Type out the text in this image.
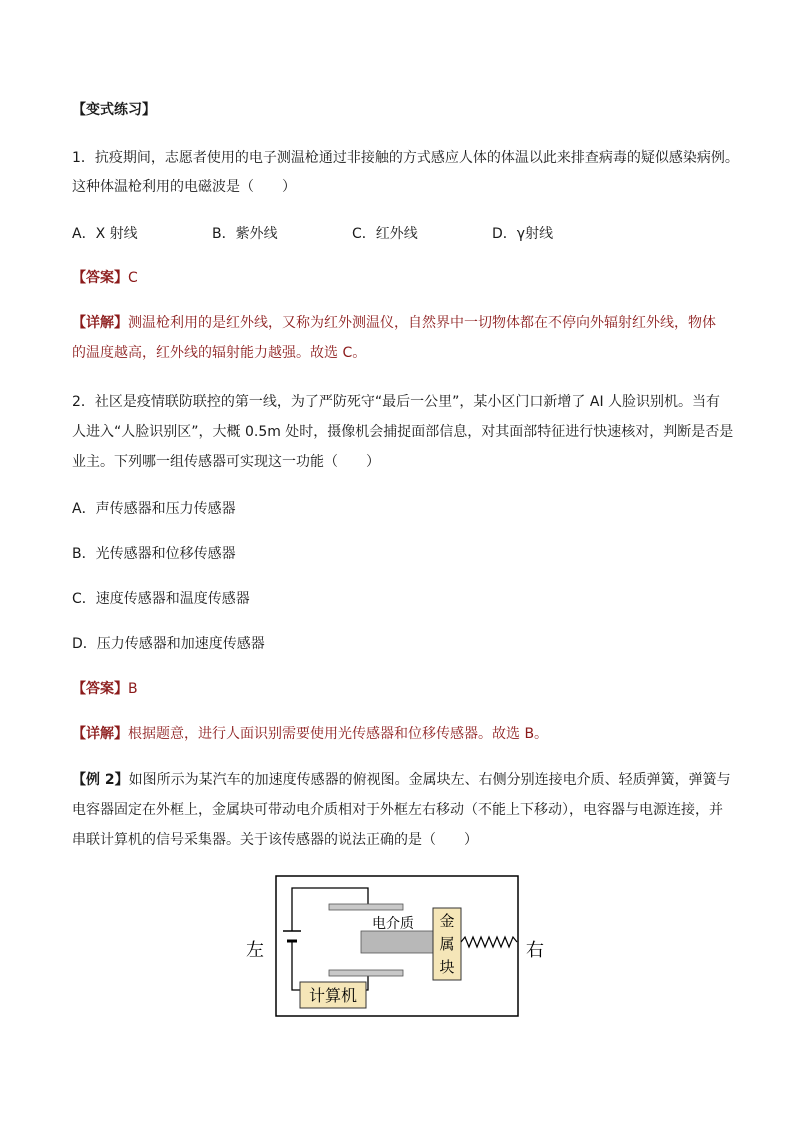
【变式练习】
1．抗疫期间，志愿者使用的电子测温枪通过非接触的方式感应人体的体温以此来排查病毒的疑似感染病例。
这种体温枪利用的电磁波是（　　）
A．X 射线	B．紫外线	C．红外线	D．γ射线
【答案】C
【详解】测温枪利用的是红外线，又称为红外测温仪，自然界中一切物体都在不停向外辐射红外线，物体
的温度越高，红外线的辐射能力越强。故选 C。
2．社区是疫情联防联控的第一线，为了严防死守“最后一公里”，某小区门口新增了 AI 人脸识别机。当有
人进入“人脸识别区”，大概 0.5m 处时，摄像机会捕捉面部信息，对其面部特征进行快速核对，判断是否是
业主。下列哪一组传感器可实现这一功能（　　）
A．声传感器和压力传感器
B．光传感器和位移传感器
C．速度传感器和温度传感器
D．压力传感器和加速度传感器
【答案】B
【详解】根据题意，进行人面识别需要使用光传感器和位移传感器。故选 B。
【例 2】如图所示为某汽车的加速度传感器的俯视图。金属块左、右侧分别连接电介质、轻质弹簧，弹簧与
电容器固定在外框上，金属块可带动电介质相对于外框左右移动（不能上下移动），电容器与电源连接，并
串联计算机的信号采集器。关于该传感器的说法正确的是（　　）
电介质 金
属
块
计算机
左	右
